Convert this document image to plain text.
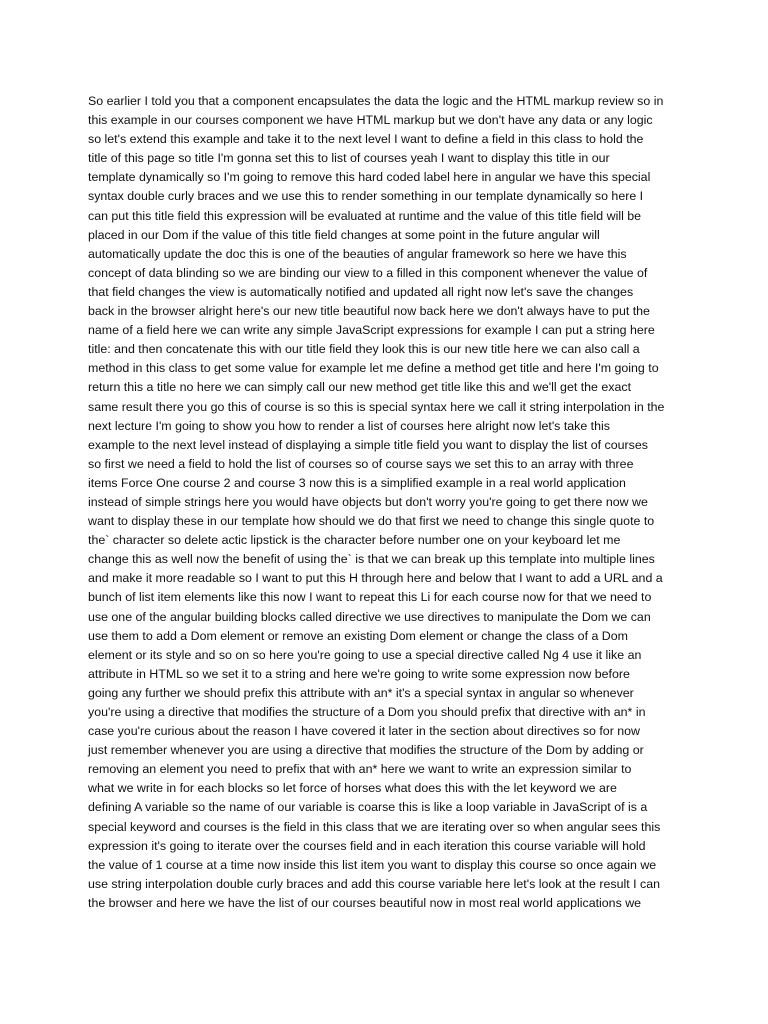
So earlier I told you that a component encapsulates the data the logic and the HTML markup review so in
this example in our courses component we have HTML markup but we don't have any data or any logic
so let's extend this example and take it to the next level I want to define a field in this class to hold the
title of this page so title I'm gonna set this to list of courses yeah I want to display this title in our
template dynamically so I'm going to remove this hard coded label here in angular we have this special
syntax double curly braces and we use this to render something in our template dynamically so here I
can put this title field this expression will be evaluated at runtime and the value of this title field will be
placed in our Dom if the value of this title field changes at some point in the future angular will
automatically update the doc this is one of the beauties of angular framework so here we have this
concept of data blinding so we are binding our view to a filled in this component whenever the value of
that field changes the view is automatically notified and updated all right now let's save the changes
back in the browser alright here's our new title beautiful now back here we don't always have to put the
name of a field here we can write any simple JavaScript expressions for example I can put a string here
title: and then concatenate this with our title field they look this is our new title here we can also call a
method in this class to get some value for example let me define a method get title and here I'm going to
return this a title no here we can simply call our new method get title like this and we'll get the exact
same result there you go this of course is so this is special syntax here we call it string interpolation in the
next lecture I'm going to show you how to render a list of courses here alright now let's take this
example to the next level instead of displaying a simple title field you want to display the list of courses
so first we need a field to hold the list of courses so of course says we set this to an array with three
items Force One course 2 and course 3 now this is a simplified example in a real world application
instead of simple strings here you would have objects but don't worry you're going to get there now we
want to display these in our template how should we do that first we need to change this single quote to
the` character so delete actic lipstick is the character before number one on your keyboard let me
change this as well now the benefit of using the` is that we can break up this template into multiple lines
and make it more readable so I want to put this H through here and below that I want to add a URL and a
bunch of list item elements like this now I want to repeat this Li for each course now for that we need to
use one of the angular building blocks called directive we use directives to manipulate the Dom we can
use them to add a Dom element or remove an existing Dom element or change the class of a Dom
element or its style and so on so here you're going to use a special directive called Ng 4 use it like an
attribute in HTML so we set it to a string and here we're going to write some expression now before
going any further we should prefix this attribute with an* it's a special syntax in angular so whenever
you're using a directive that modifies the structure of a Dom you should prefix that directive with an* in
case you're curious about the reason I have covered it later in the section about directives so for now
just remember whenever you are using a directive that modifies the structure of the Dom by adding or
removing an element you need to prefix that with an* here we want to write an expression similar to
what we write in for each blocks so let force of horses what does this with the let keyword we are
defining A variable so the name of our variable is coarse this is like a loop variable in JavaScript of is a
special keyword and courses is the field in this class that we are iterating over so when angular sees this
expression it's going to iterate over the courses field and in each iteration this course variable will hold
the value of 1 course at a time now inside this list item you want to display this course so once again we
use string interpolation double curly braces and add this course variable here let's look at the result I can
the browser and here we have the list of our courses beautiful now in most real world applications we
